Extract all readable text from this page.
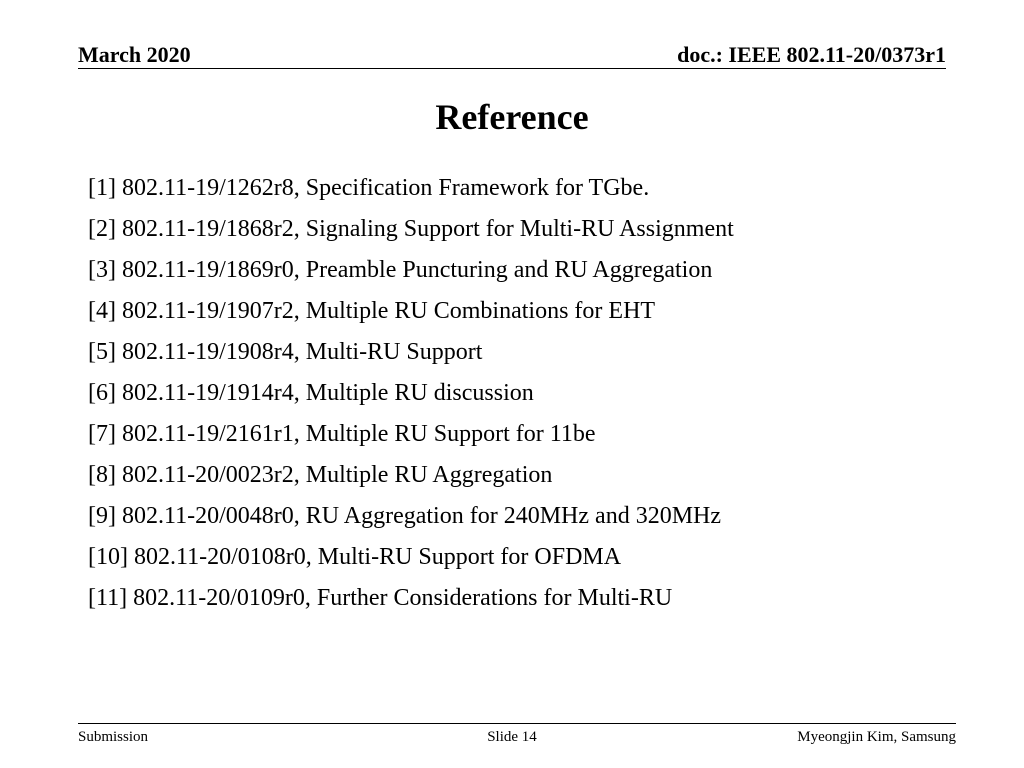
March 2020	doc.: IEEE 802.11-20/0373r1
Reference
[1] 802.11-19/1262r8, Specification Framework for TGbe.
[2] 802.11-19/1868r2, Signaling Support for Multi-RU Assignment
[3] 802.11-19/1869r0, Preamble Puncturing and RU Aggregation
[4] 802.11-19/1907r2, Multiple RU Combinations for EHT
[5] 802.11-19/1908r4, Multi-RU Support
[6] 802.11-19/1914r4, Multiple RU discussion
[7] 802.11-19/2161r1, Multiple RU Support for 11be
[8] 802.11-20/0023r2, Multiple RU Aggregation
[9] 802.11-20/0048r0, RU Aggregation for 240MHz and 320MHz
[10] 802.11-20/0108r0, Multi-RU Support for OFDMA
[11] 802.11-20/0109r0, Further Considerations for Multi-RU
Submission	Slide 14	Myeongjin Kim, Samsung
